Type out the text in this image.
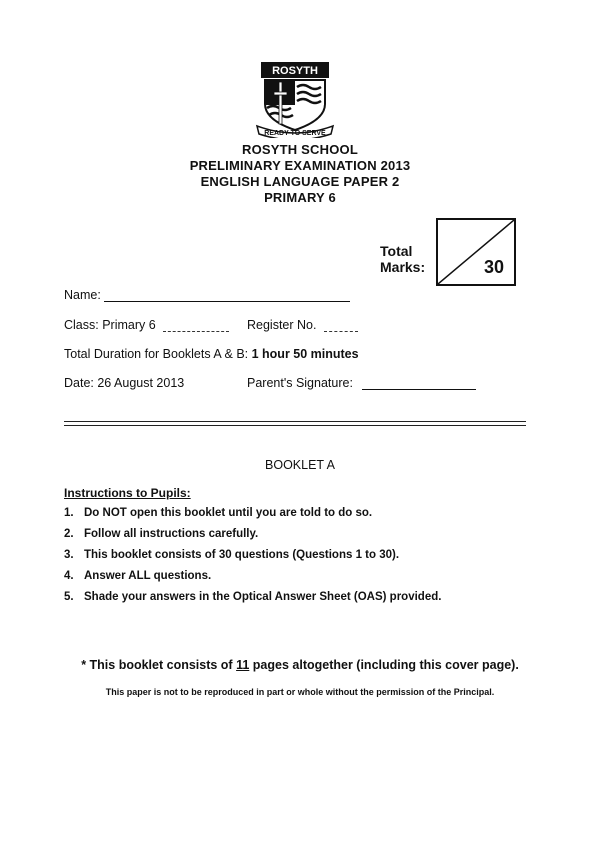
ROSYTH
READY TO SERVE
ROSYTH SCHOOL
PRELIMINARY EXAMINATION 2013
ENGLISH LANGUAGE PAPER 2
PRIMARY 6
Total
Marks:	30
Name:
Class: Primary 6	Register No.
Total Duration for Booklets A & B: 1 hour 50 minutes
Date: 26 August 2013	Parent's Signature:
BOOKLET A
Instructions to Pupils:
1. Do NOT open this booklet until you are told to do so.
2. Follow all instructions carefully.
3. This booklet consists of 30 questions (Questions 1 to 30).
4. Answer ALL questions.
5. Shade your answers in the Optical Answer Sheet (OAS) provided.
* This booklet consists of 11 pages altogether (including this cover page).
This paper is not to be reproduced in part or whole without the permission of the Principal.
